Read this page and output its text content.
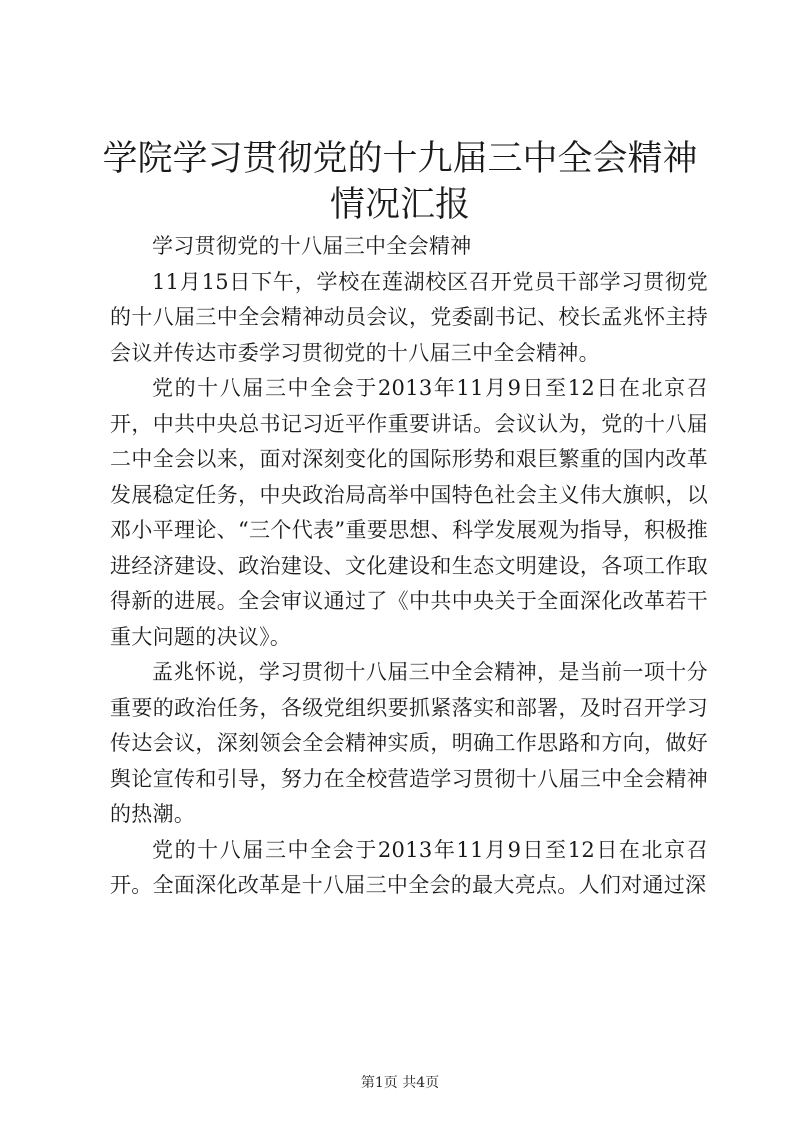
学院学习贯彻党的十九届三中全会精神情况汇报

学习贯彻党的十八届三中全会精神

11月15日下午，学校在莲湖校区召开党员干部学习贯彻党的十八届三中全会精神动员会议，党委副书记、校长孟兆怀主持会议并传达市委学习贯彻党的十八届三中全会精神。

党的十八届三中全会于2013年11月9日至12日在北京召开，中共中央总书记习近平作重要讲话。会议认为，党的十八届二中全会以来，面对深刻变化的国际形势和艰巨繁重的国内改革发展稳定任务，中央政治局高举中国特色社会主义伟大旗帜，以邓小平理论、“三个代表”重要思想、科学发展观为指导，积极推进经济建设、政治建设、文化建设和生态文明建设，各项工作取得新的进展。全会审议通过了《中共中央关于全面深化改革若干重大问题的决议》。

孟兆怀说，学习贯彻十八届三中全会精神，是当前一项十分重要的政治任务，各级党组织要抓紧落实和部署，及时召开学习传达会议，深刻领会全会精神实质，明确工作思路和方向，做好舆论宣传和引导，努力在全校营造学习贯彻十八届三中全会精神的热潮。

党的十八届三中全会于2013年11月9日至12日在北京召开。全面深化改革是十八届三中全会的最大亮点。人们对通过深

第1页 共4页
